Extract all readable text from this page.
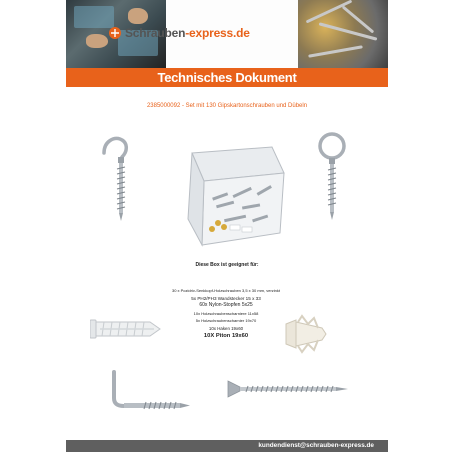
Schrauben-express.de
Technisches Dokument
2385000092 - Set mit 130 Gipskartonschrauben und Dübeln
Diese Box ist geeignet für:
30 x Pozidriv-Senkkopf-Holzschrauben 3,5 x 30 mm, verzinkt
5x PH2/PH3 Wandstecker 15 x 33
60x Nylon-Stopfen 5x25
10x Holzschraubenscharniere 11x58
5x Holzschraubenscharnier 19x70
10x Haken 19x60
10X Piton 19x60
kundendienst@schrauben-express.de
